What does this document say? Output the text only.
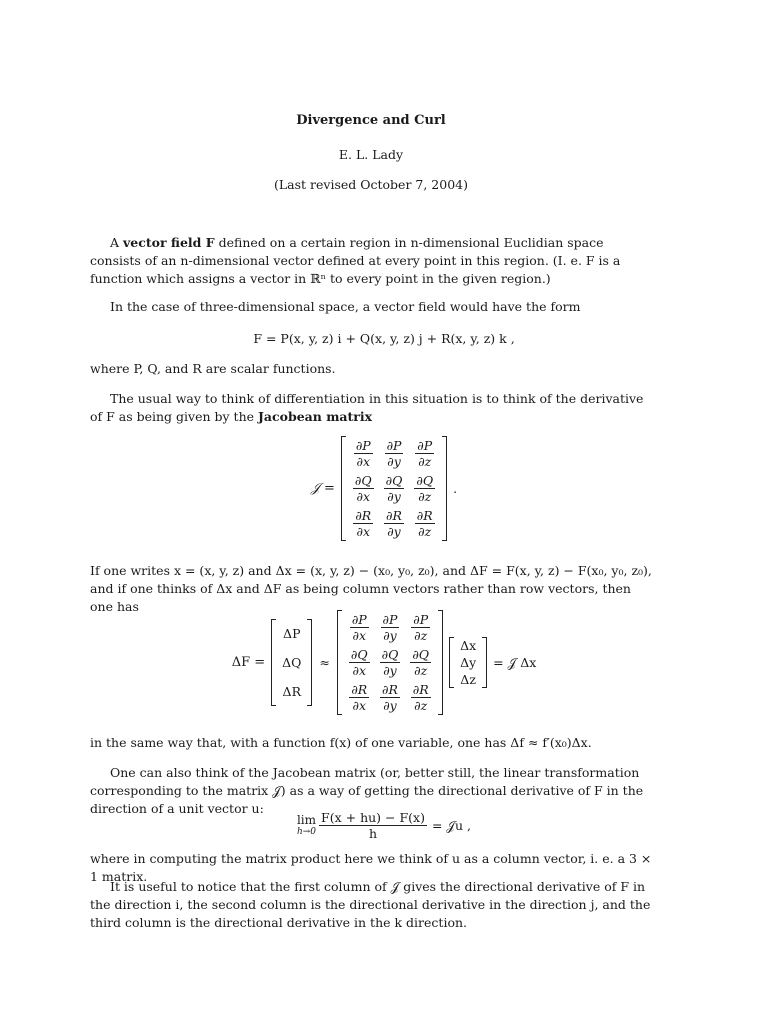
Divergence and Curl
E. L. Lady
(Last revised October 7, 2004)
A vector field F defined on a certain region in n-dimensional Euclidian space consists of an n-dimensional vector defined at every point in this region. (I. e. F is a function which assigns a vector in ℝⁿ to every point in the given region.)
In the case of three-dimensional space, a vector field would have the form
F = P(x, y, z) i + Q(x, y, z) j + R(x, y, z) k ,
where P, Q, and R are scalar functions.
The usual way to think of differentiation in this situation is to think of the derivative of F as being given by the Jacobean matrix
𝒥 =
$\frac{\partial P}{\partial x}$	$\frac{\partial P}{\partial y}$	$\frac{\partial P}{\partial z}$

$\frac{\partial Q}{\partial x}$	$\frac{\partial Q}{\partial y}$	$\frac{\partial Q}{\partial z}$

$\frac{\partial R}{\partial x}$	$\frac{\partial R}{\partial y}$	$\frac{\partial R}{\partial z}$
.
If one writes x = (x, y, z) and Δx = (x, y, z) − (x₀, y₀, z₀), and ΔF = F(x, y, z) − F(x₀, y₀, z₀), and if one thinks of Δx and ΔF as being column vectors rather than row vectors, then one has
ΔF =
ΔP
ΔQ
ΔR
≈
$\frac{\partial P}{\partial x}$	$\frac{\partial P}{\partial y}$	$\frac{\partial P}{\partial z}$

$\frac{\partial Q}{\partial x}$	$\frac{\partial Q}{\partial y}$	$\frac{\partial Q}{\partial z}$

$\frac{\partial R}{\partial x}$	$\frac{\partial R}{\partial y}$	$\frac{\partial R}{\partial z}$
Δx
Δy
Δz
= 𝒥 Δx
in the same way that, with a function f(x) of one variable, one has Δf ≈ f′(x₀)Δx.
One can also think of the Jacobean matrix (or, better still, the linear transformation corresponding to the matrix 𝒥) as a way of getting the directional derivative of F in the direction of a unit vector u:
lim
$h\to 0 \frac{F(x + hu) - F(x)}{h}$ = 𝒥u ,
where in computing the matrix product here we think of u as a column vector, i. e. a 3 × 1 matrix.
It is useful to notice that the first column of 𝒥 gives the directional derivative of F in the direction i, the second column is the directional derivative in the direction j, and the third column is the directional derivative in the k direction.
